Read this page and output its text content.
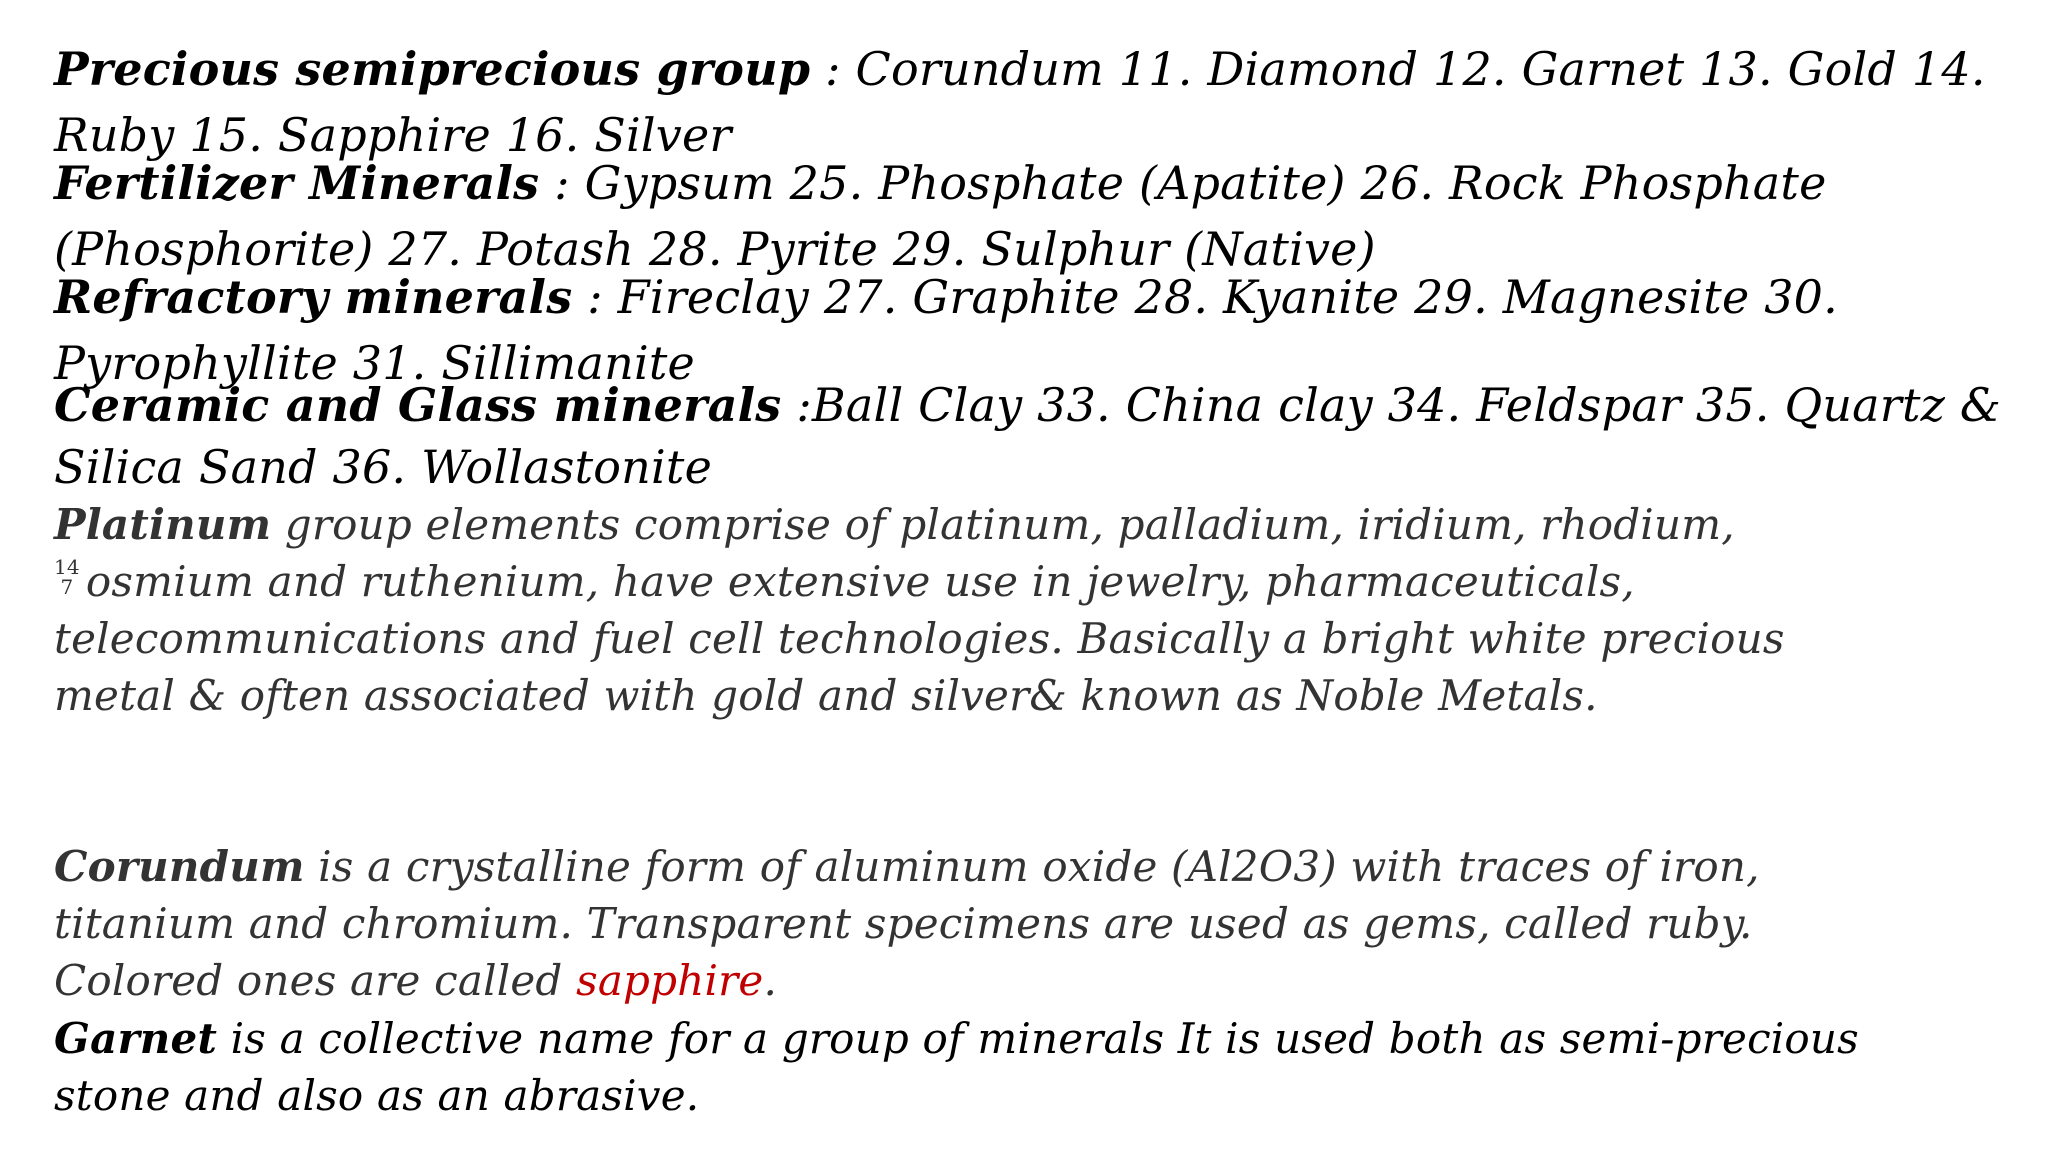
Precious semiprecious group : Corundum 11. Diamond 12. Garnet 13. Gold 14. Ruby 15. Sapphire 16. Silver

Fertilizer Minerals : Gypsum 25. Phosphate (Apatite) 26. Rock Phosphate (Phosphorite) 27. Potash 28. Pyrite 29. Sulphur (Native)

Refractory minerals : Fireclay 27. Graphite 28. Kyanite 29. Magnesite 30. Pyrophyllite 31. Sillimanite

Ceramic and Glass minerals :Ball Clay 33. China clay 34. Feldspar 35. Quartz & Silica Sand 36. Wollastonite

Platinum group elements comprise of platinum, palladium, iridium, rhodium,

14
7 osmium and ruthenium, have extensive use in jewelry, pharmaceuticals, telecommunications and fuel cell technologies. Basically a bright white precious metal & often associated with gold and silver& known as Noble Metals.

Corundum is a crystalline form of aluminum oxide (Al2O3) with traces of iron, titanium and chromium. Transparent specimens are used as gems, called ruby. Colored ones are called sapphire.

Garnet is a collective name for a group of minerals It is used both as semi-precious stone and also as an abrasive.
